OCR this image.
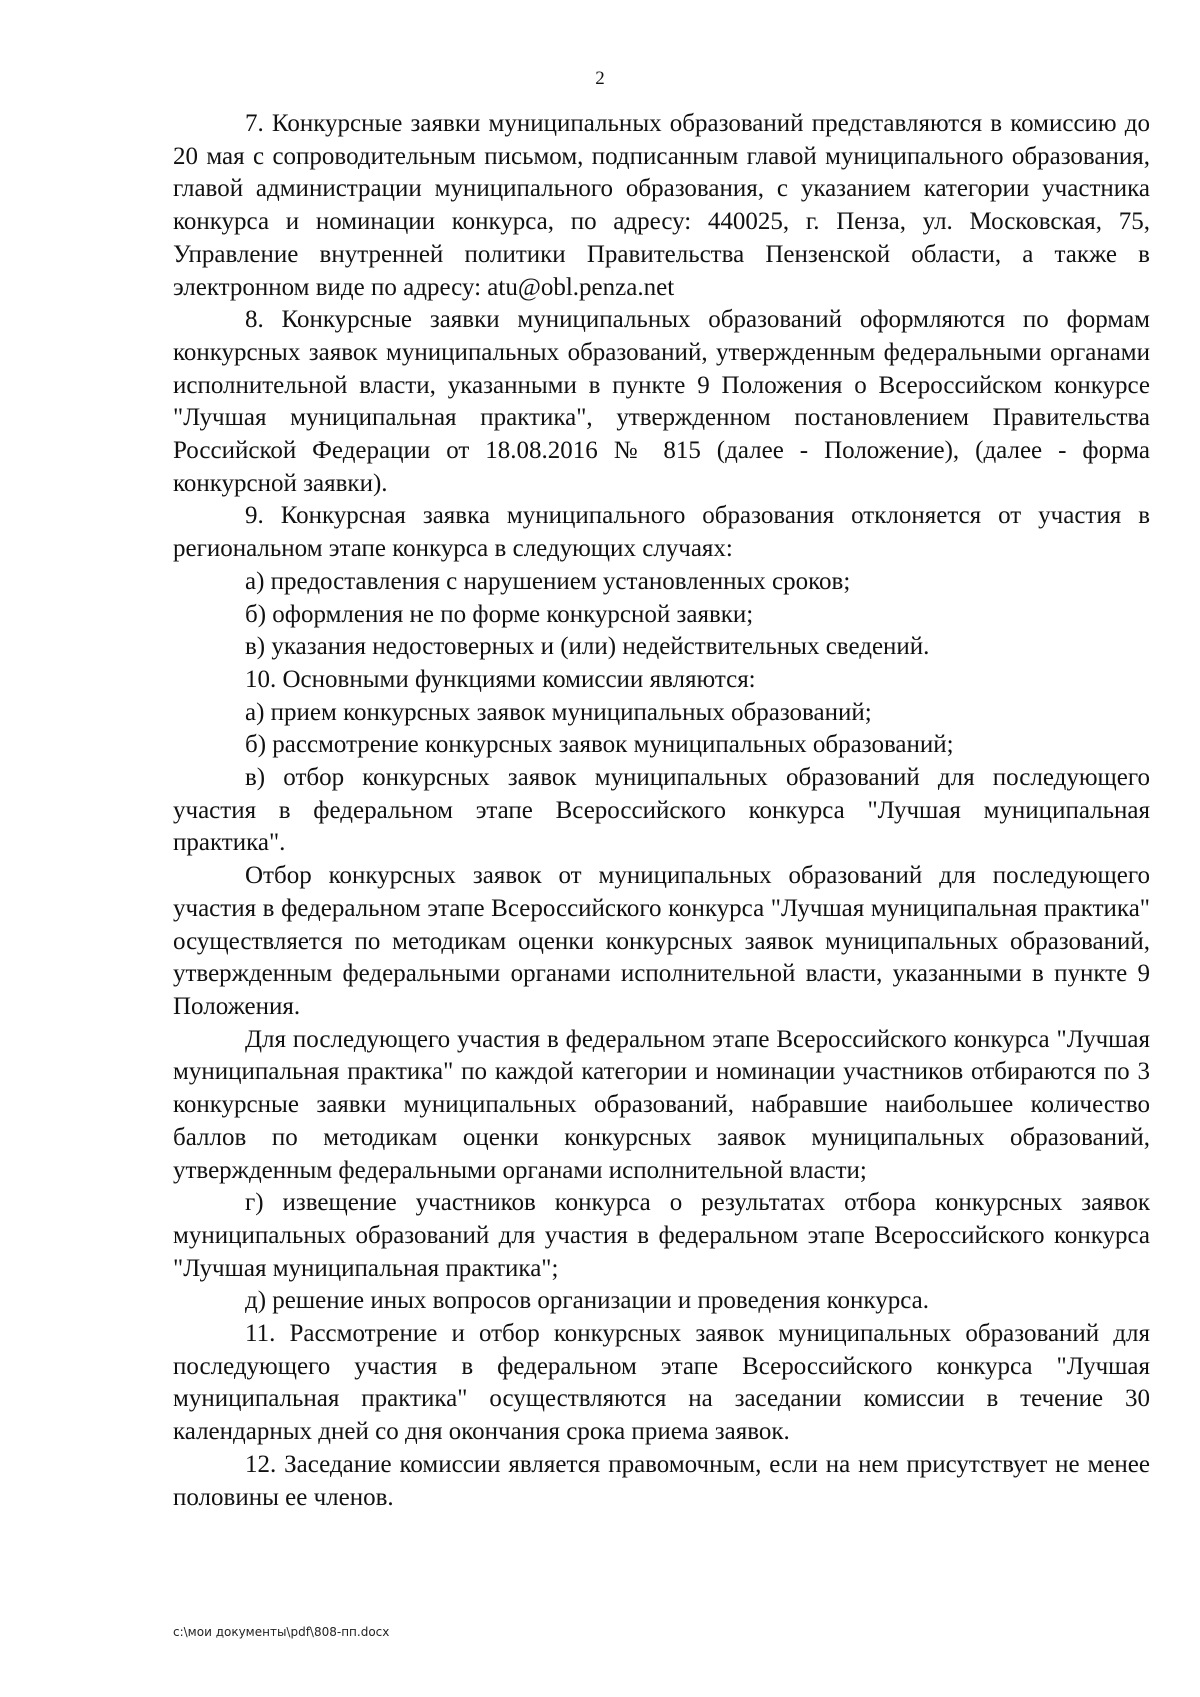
2

7. Конкурсные заявки муниципальных образований представляются в комиссию до 20 мая с сопроводительным письмом, подписанным главой муниципального образования, главой администрации муниципального образования, с указанием категории участника конкурса и номинации конкурса, по адресу: 440025, г. Пенза, ул. Московская, 75, Управление внутренней политики Правительства Пензенской области, а также в электронном виде по адресу: atu@obl.penza.net

8. Конкурсные заявки муниципальных образований оформляются по формам конкурсных заявок муниципальных образований, утвержденным федеральными органами исполнительной власти, указанными в пункте 9 Положения о Всероссийском конкурсе "Лучшая муниципальная практика", утвержденном постановлением Правительства Российской Федерации от 18.08.2016 № 815 (далее - Положение), (далее - форма конкурсной заявки).

9. Конкурсная заявка муниципального образования отклоняется от участия в региональном этапе конкурса в следующих случаях:

а) предоставления с нарушением установленных сроков;

б) оформления не по форме конкурсной заявки;

в) указания недостоверных и (или) недействительных сведений.

10. Основными функциями комиссии являются:

а) прием конкурсных заявок муниципальных образований;

б) рассмотрение конкурсных заявок муниципальных образований;

в) отбор конкурсных заявок муниципальных образований для последующего участия в федеральном этапе Всероссийского конкурса "Лучшая муниципальная практика".

Отбор конкурсных заявок от муниципальных образований для последующего участия в федеральном этапе Всероссийского конкурса "Лучшая муниципальная практика" осуществляется по методикам оценки конкурсных заявок муниципальных образований, утвержденным федеральными органами исполнительной власти, указанными в пункте 9 Положения.

Для последующего участия в федеральном этапе Всероссийского конкурса "Лучшая муниципальная практика" по каждой категории и номинации участников отбираются по 3 конкурсные заявки муниципальных образований, набравшие наибольшее количество баллов по методикам оценки конкурсных заявок муниципальных образований, утвержденным федеральными органами исполнительной власти;

г) извещение участников конкурса о результатах отбора конкурсных заявок муниципальных образований для участия в федеральном этапе Всероссийского конкурса "Лучшая муниципальная практика";

д) решение иных вопросов организации и проведения конкурса.

11. Рассмотрение и отбор конкурсных заявок муниципальных образований для последующего участия в федеральном этапе Всероссийского конкурса "Лучшая муниципальная практика" осуществляются на заседании комиссии в течение 30 календарных дней со дня окончания срока приема заявок.

12. Заседание комиссии является правомочным, если на нем присутствует не менее половины ее членов.

c:\мои документы\pdf\808-пп.docx
